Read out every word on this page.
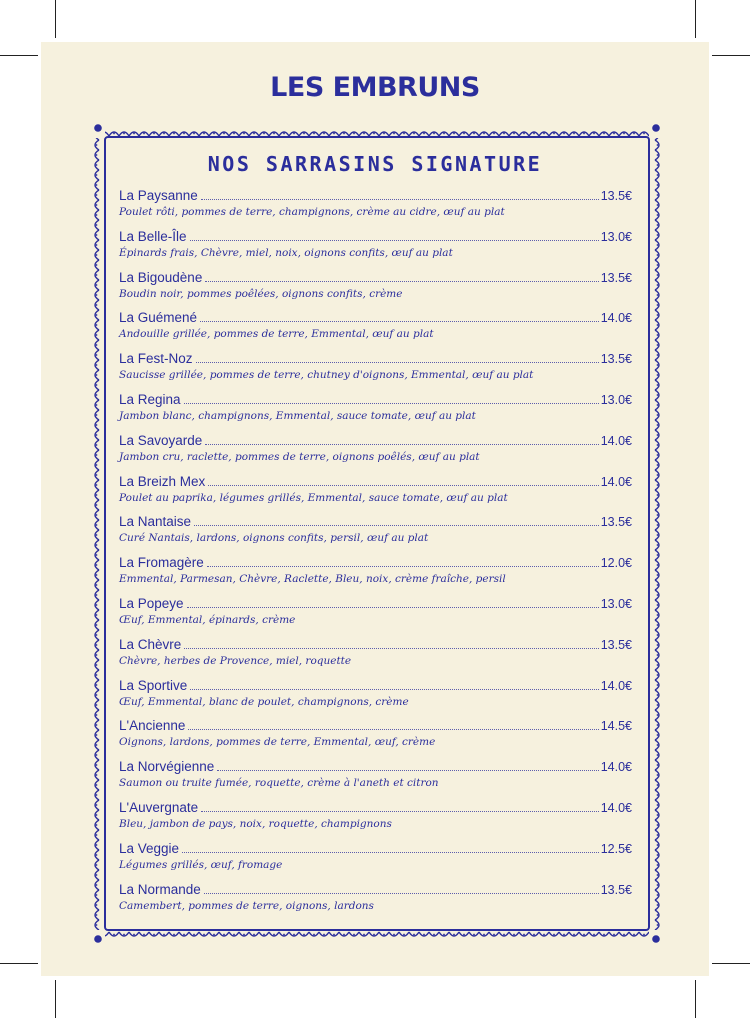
LES EMBRUNS
NOS SARRASINS SIGNATURE
La Paysanne	13.5€
Poulet rôti, pommes de terre, champignons, crème au cidre, œuf au plat
La Belle-Île	13.0€
Épinards frais, Chèvre, miel, noix, oignons confits, œuf au plat
La Bigoudène	13.5€
Boudin noir, pommes poêlées, oignons confits, crème
La Guémené	14.0€
Andouille grillée, pommes de terre, Emmental, œuf au plat
La Fest-Noz	13.5€
Saucisse grillée, pommes de terre, chutney d'oignons, Emmental, œuf au plat
La Regina	13.0€
Jambon blanc, champignons, Emmental, sauce tomate, œuf au plat
La Savoyarde	14.0€
Jambon cru, raclette, pommes de terre, oignons poêlés, œuf au plat
La Breizh Mex	14.0€
Poulet au paprika, légumes grillés, Emmental, sauce tomate, œuf au plat
La Nantaise	13.5€
Curé Nantais, lardons, oignons confits, persil, œuf au plat
La Fromagère	12.0€
Emmental, Parmesan, Chèvre, Raclette, Bleu, noix, crème fraîche, persil
La Popeye	13.0€
Œuf, Emmental, épinards, crème
La Chèvre	13.5€
Chèvre, herbes de Provence, miel, roquette
La Sportive	14.0€
Œuf, Emmental, blanc de poulet, champignons, crème
L'Ancienne	14.5€
Oignons, lardons, pommes de terre, Emmental, œuf, crème
La Norvégienne	14.0€
Saumon ou truite fumée, roquette, crème à l'aneth et citron
L'Auvergnate	14.0€
Bleu, jambon de pays, noix, roquette, champignons
La Veggie	12.5€
Légumes grillés, œuf, fromage
La Normande	13.5€
Camembert, pommes de terre, oignons, lardons
